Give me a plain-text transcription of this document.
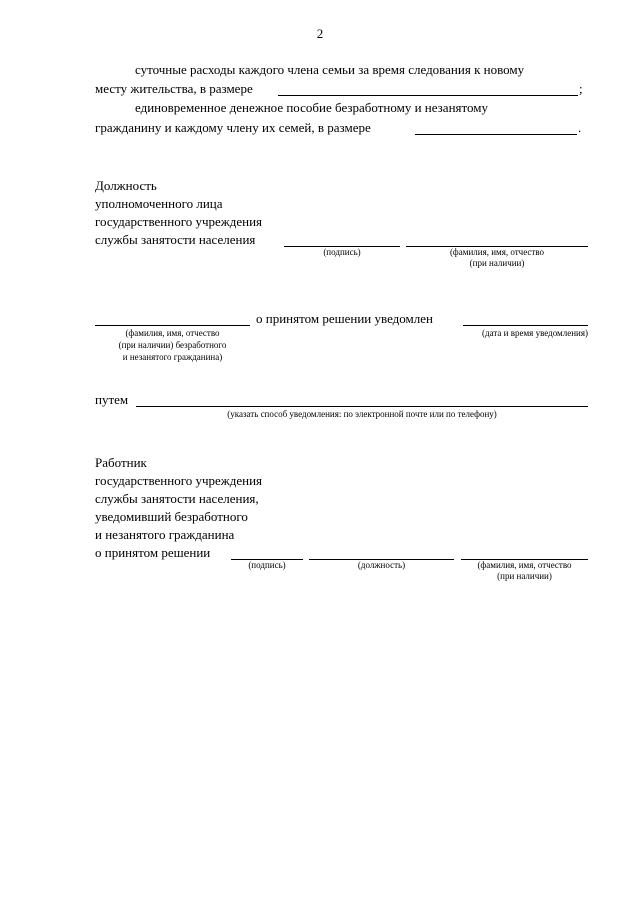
2
суточные расходы каждого члена семьи за время следования к новому
месту жительства, в размере	;
единовременное денежное пособие безработному и незанятому
гражданину и каждому члену их семей, в размере	.
Должность
уполномоченного лица
государственного учреждения
службы занятости населения
(подпись)	(фамилия, имя, отчество
(при наличии)
о принятом решении уведомлен
(фамилия, имя, отчество
(при наличии) безработного
и незанятого гражданина)
(дата и время уведомления)
путем
(указать способ уведомления: по электронной почте или по телефону)
Работник
государственного учреждения
службы занятости населения,
уведомивший безработного
и незанятого гражданина
о принятом решении
(подпись)	(должность)	(фамилия, имя, отчество
(при наличии)
